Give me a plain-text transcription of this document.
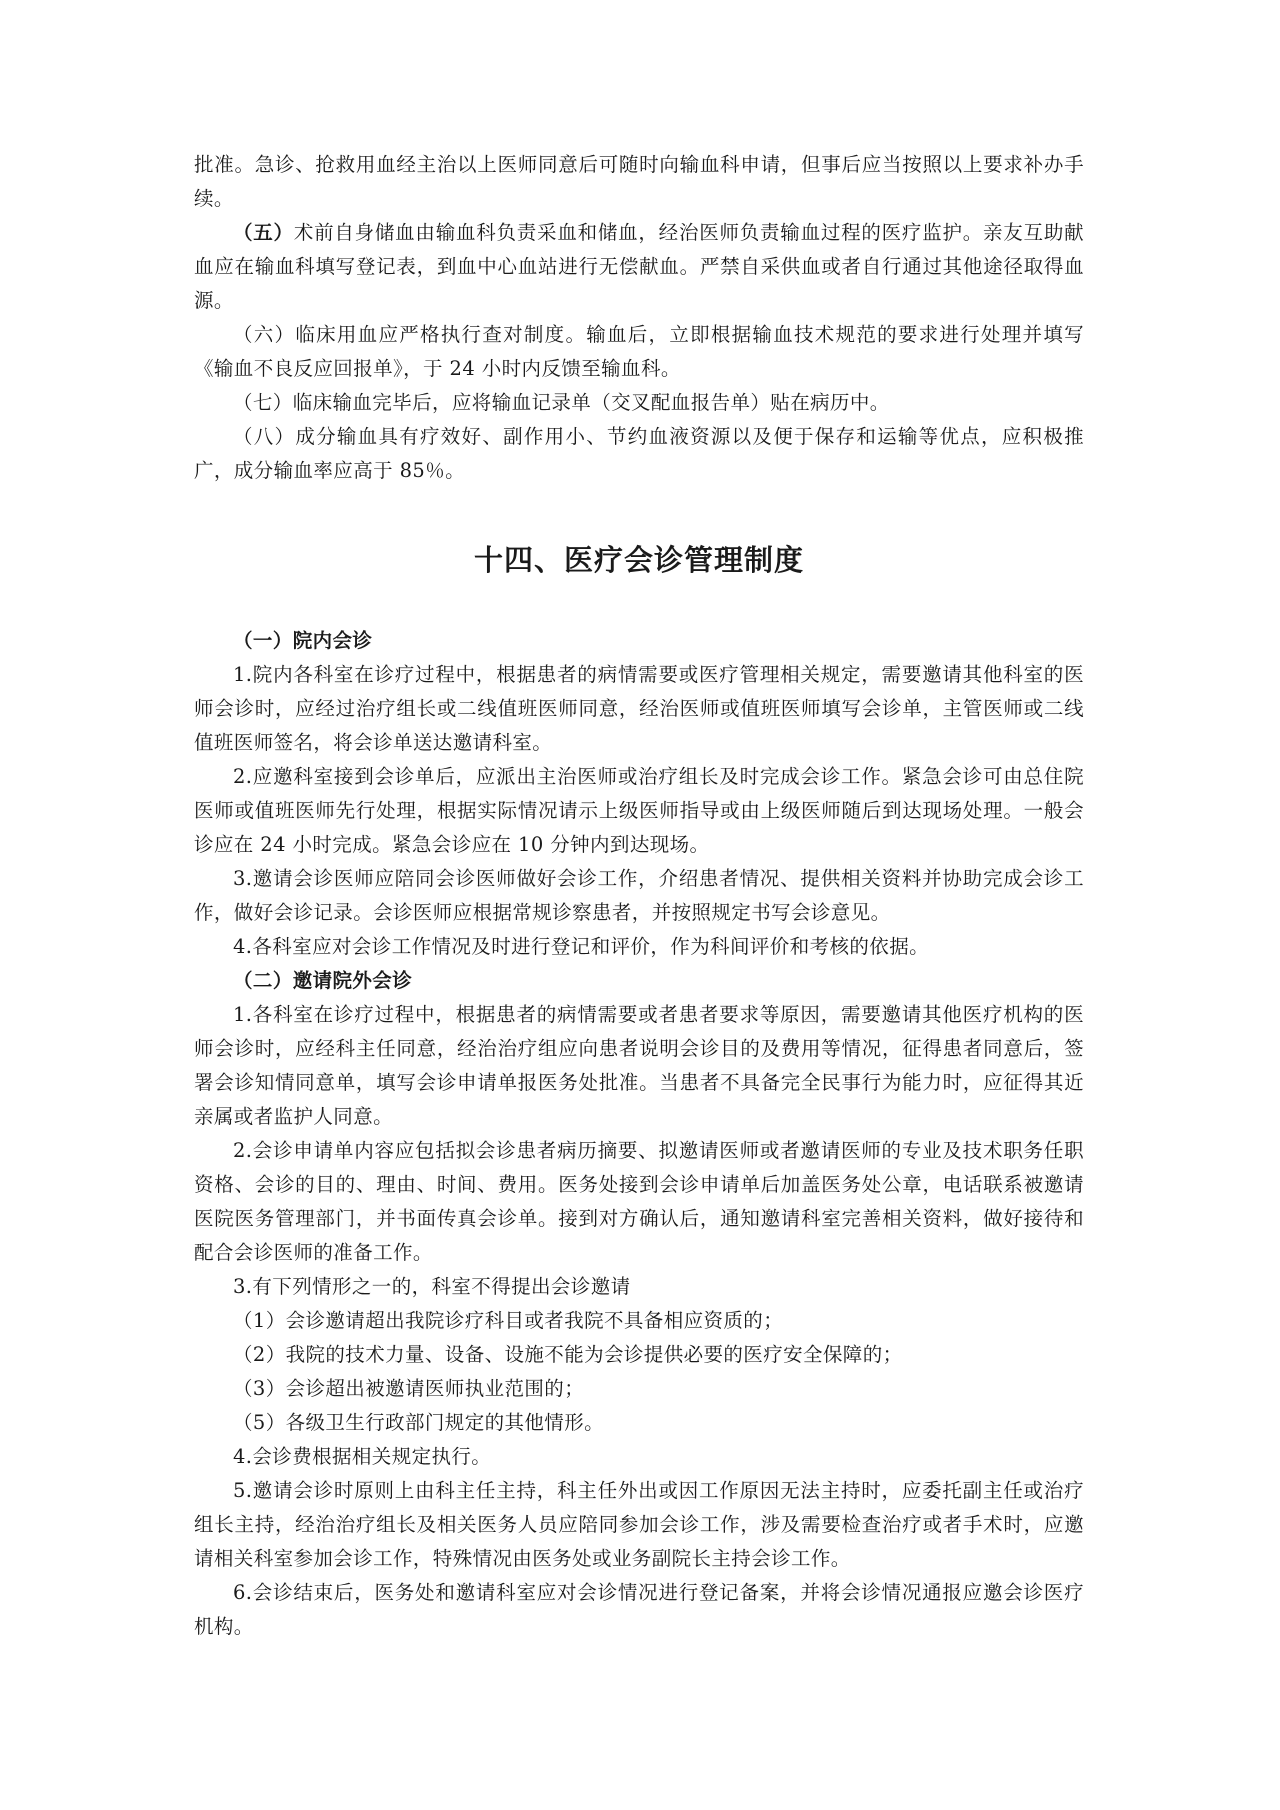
批准。急诊、抢救用血经主治以上医师同意后可随时向输血科申请，但事后应当按照以上要求补办手续。

（五）术前自身储血由输血科负责采血和储血，经治医师负责输血过程的医疗监护。亲友互助献血应在输血科填写登记表，到血中心血站进行无偿献血。严禁自采供血或者自行通过其他途径取得血源。

（六）临床用血应严格执行查对制度。输血后，立即根据输血技术规范的要求进行处理并填写《输血不良反应回报单》，于 24 小时内反馈至输血科。

（七）临床输血完毕后，应将输血记录单（交叉配血报告单）贴在病历中。

（八）成分输血具有疗效好、副作用小、节约血液资源以及便于保存和运输等优点，应积极推广，成分输血率应高于 85％。

十四、医疗会诊管理制度

（一）院内会诊

1.院内各科室在诊疗过程中，根据患者的病情需要或医疗管理相关规定，需要邀请其他科室的医师会诊时，应经过治疗组长或二线值班医师同意，经治医师或值班医师填写会诊单，主管医师或二线值班医师签名，将会诊单送达邀请科室。

2.应邀科室接到会诊单后，应派出主治医师或治疗组长及时完成会诊工作。紧急会诊可由总住院医师或值班医师先行处理，根据实际情况请示上级医师指导或由上级医师随后到达现场处理。一般会诊应在 24 小时完成。紧急会诊应在 10 分钟内到达现场。

3.邀请会诊医师应陪同会诊医师做好会诊工作，介绍患者情况、提供相关资料并协助完成会诊工作，做好会诊记录。会诊医师应根据常规诊察患者，并按照规定书写会诊意见。

4.各科室应对会诊工作情况及时进行登记和评价，作为科间评价和考核的依据。

（二）邀请院外会诊

1.各科室在诊疗过程中，根据患者的病情需要或者患者要求等原因，需要邀请其他医疗机构的医师会诊时，应经科主任同意，经治治疗组应向患者说明会诊目的及费用等情况，征得患者同意后，签署会诊知情同意单，填写会诊申请单报医务处批准。当患者不具备完全民事行为能力时，应征得其近亲属或者监护人同意。

2.会诊申请单内容应包括拟会诊患者病历摘要、拟邀请医师或者邀请医师的专业及技术职务任职资格、会诊的目的、理由、时间、费用。医务处接到会诊申请单后加盖医务处公章，电话联系被邀请医院医务管理部门，并书面传真会诊单。接到对方确认后，通知邀请科室完善相关资料，做好接待和配合会诊医师的准备工作。

3.有下列情形之一的，科室不得提出会诊邀请

（1）会诊邀请超出我院诊疗科目或者我院不具备相应资质的；

（2）我院的技术力量、设备、设施不能为会诊提供必要的医疗安全保障的；

（3）会诊超出被邀请医师执业范围的；

（5）各级卫生行政部门规定的其他情形。

4.会诊费根据相关规定执行。

5.邀请会诊时原则上由科主任主持，科主任外出或因工作原因无法主持时，应委托副主任或治疗组长主持，经治治疗组长及相关医务人员应陪同参加会诊工作，涉及需要检查治疗或者手术时，应邀请相关科室参加会诊工作，特殊情况由医务处或业务副院长主持会诊工作。

6.会诊结束后，医务处和邀请科室应对会诊情况进行登记备案，并将会诊情况通报应邀会诊医疗机构。
